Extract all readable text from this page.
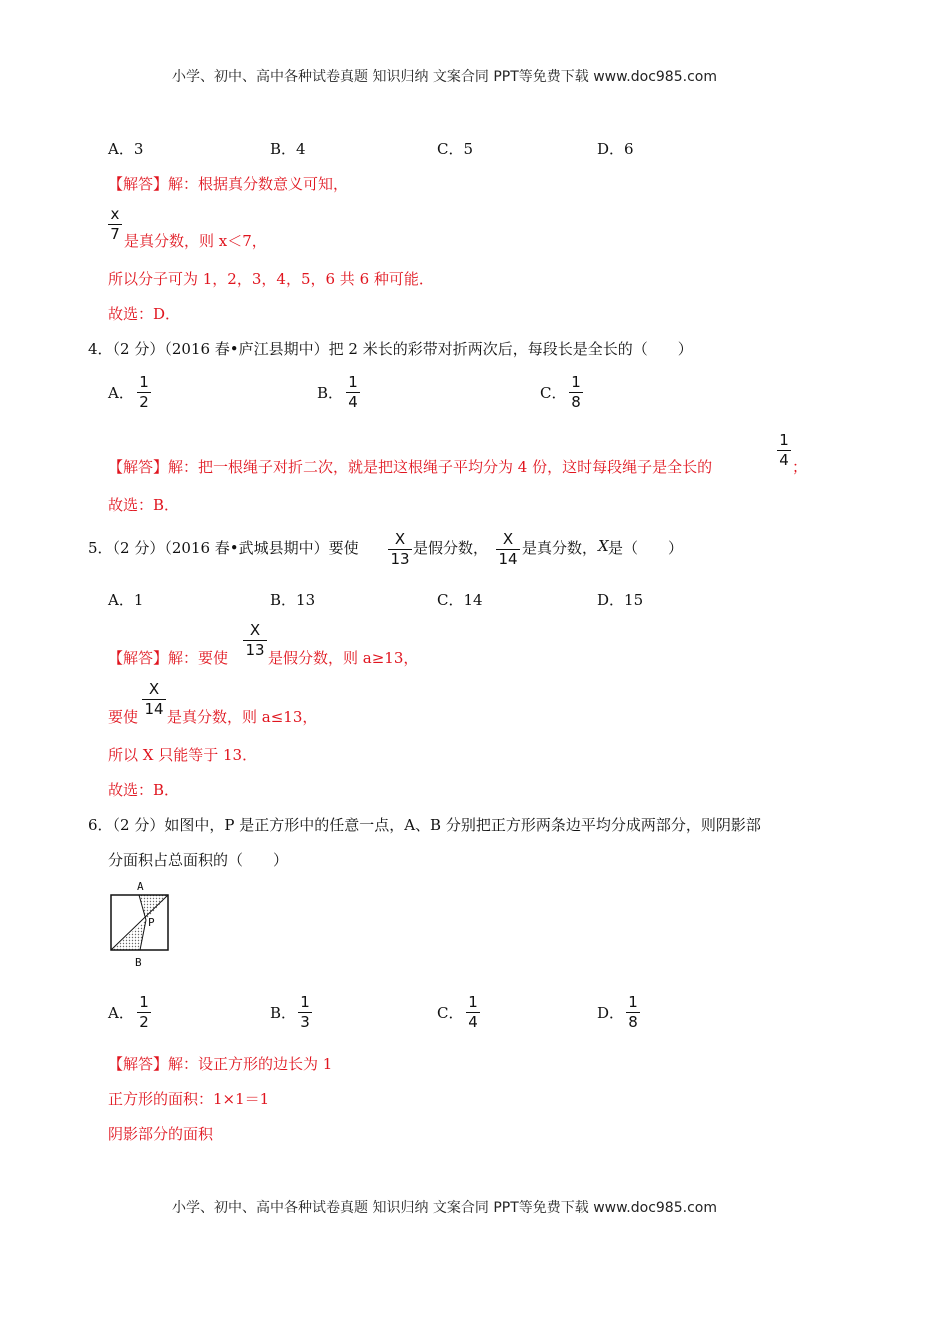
小学、初中、高中各种试卷真题 知识归纳 文案合同 PPT等免费下载 www.doc985.com
A．3	B．4	C．5	D．6
【解答】解：根据真分数意义可知，
x
7 是真分数，则 x＜7，
所以分子可为 1，2，3，4，5，6 共 6 种可能．
故选：D．
4．（2 分）（2016 春•庐江县期中）把 2 米长的彩带对折两次后，每段长是全长的（　　）
A．
1
2	B．
1
4	C．
1
8
【解答】解：把一根绳子对折二次，就是把这根绳子平均分为 4 份，这时每段绳子是全长的
1
4 ；
故选：B．
5．（2 分）（2016 春•武城县期中）要使	X
13
是假分数， X
14
是真分数， X 是（　　）
A．1	B．13	C．14	D．15
【解答】解：要使
X
13 是假分数，则 a≥13，
要使
X
14 是真分数，则 a≤13，
所以 X 只能等于 13．
故选：B．
6．（2 分）如图中，P 是正方形中的任意一点，A、B 分别把正方形两条边平均分成两部分，则阴影部
分面积占总面积的（　　）
A
P
B
A．
1
2	B．
1
3	C．
1
4	D．
1
8
【解答】解：设正方形的边长为 1
正方形的面积：1×1＝1
阴影部分的面积
小学、初中、高中各种试卷真题 知识归纳 文案合同 PPT等免费下载 www.doc985.com
